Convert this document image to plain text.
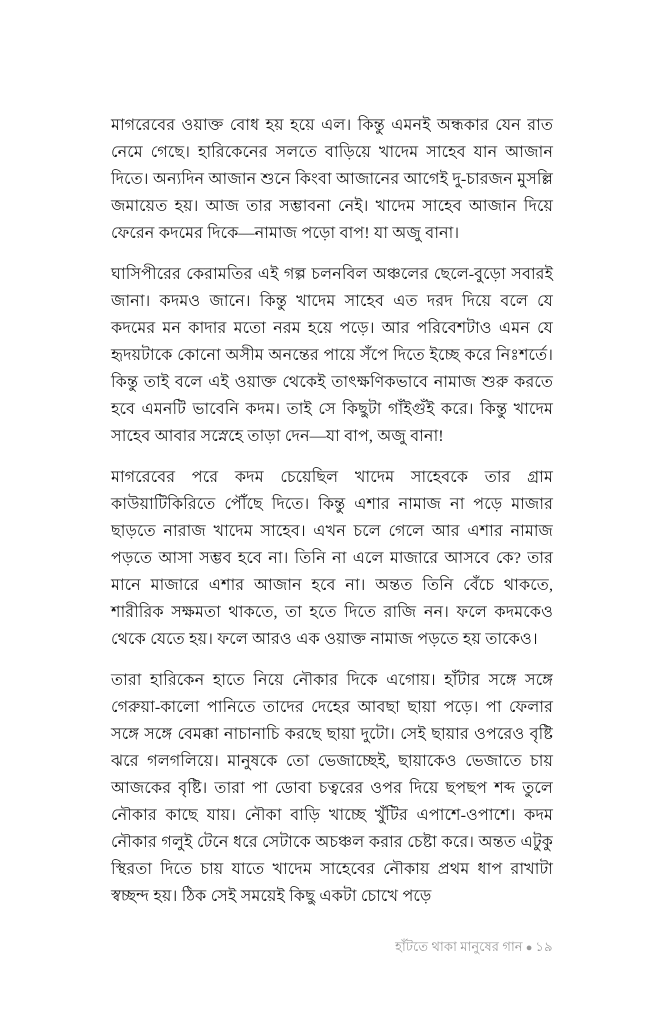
মাগরেবের ওয়াক্ত বোধ হয় হয়ে এল। কিন্তু এমনই অন্ধকার যেন রাত নেমে গেছে। হারিকেনের সলতে বাড়িয়ে খাদেম সাহেব যান আজান দিতে। অন্যদিন আজান শুনে কিংবা আজানের আগেই দু-চারজন মুসল্লি জমায়েত হয়। আজ তার সম্ভাবনা নেই। খাদেম সাহেব আজান দিয়ে ফেরেন কদমের দিকে—নামাজ পড়ো বাপ! যা অজু বানা।

ঘাসিপীরের কেরামতির এই গল্প চলনবিল অঞ্চলের ছেলে-বুড়ো সবারই জানা। কদমও জানে। কিন্তু খাদেম সাহেব এত দরদ দিয়ে বলে যে কদমের মন কাদার মতো নরম হয়ে পড়ে। আর পরিবেশটাও এমন যে হৃদয়টাকে কোনো অসীম অনন্তের পায়ে সঁপে দিতে ইচ্ছে করে নিঃশর্তে। কিন্তু তাই বলে এই ওয়াক্ত থেকেই তাৎক্ষণিকভাবে নামাজ শুরু করতে হবে এমনটি ভাবেনি কদম। তাই সে কিছুটা গাঁইগুঁই করে। কিন্তু খাদেম সাহেব আবার সস্নেহে তাড়া দেন—যা বাপ, অজু বানা!

মাগরেবের পরে কদম চেয়েছিল খাদেম সাহেবকে তার গ্রাম কাউয়াটিকিরিতে পৌঁছে দিতে। কিন্তু এশার নামাজ না পড়ে মাজার ছাড়তে নারাজ খাদেম সাহেব। এখন চলে গেলে আর এশার নামাজ পড়তে আসা সম্ভব হবে না। তিনি না এলে মাজারে আসবে কে? তার মানে মাজারে এশার আজান হবে না। অন্তত তিনি বেঁচে থাকতে, শারীরিক সক্ষমতা থাকতে, তা হতে দিতে রাজি নন। ফলে কদমকেও থেকে যেতে হয়। ফলে আরও এক ওয়াক্ত নামাজ পড়তে হয় তাকেও।

তারা হারিকেন হাতে নিয়ে নৌকার দিকে এগোয়। হাঁটার সঙ্গে সঙ্গে গেরুয়া-কালো পানিতে তাদের দেহের আবছা ছায়া পড়ে। পা ফেলার সঙ্গে সঙ্গে বেমক্কা নাচানাচি করছে ছায়া দুটো। সেই ছায়ার ওপরেও বৃষ্টি ঝরে গলগলিয়ে। মানুষকে তো ভেজাচ্ছেই, ছায়াকেও ভেজাতে চায় আজকের বৃষ্টি। তারা পা ডোবা চত্বরের ওপর দিয়ে ছপছপ শব্দ তুলে নৌকার কাছে যায়। নৌকা বাড়ি খাচ্ছে খুঁটির এপাশে-ওপাশে। কদম নৌকার গলুই টেনে ধরে সেটাকে অচঞ্চল করার চেষ্টা করে। অন্তত এটুকু স্থিরতা দিতে চায় যাতে খাদেম সাহেবের নৌকায় প্রথম ধাপ রাখাটা স্বচ্ছন্দ হয়। ঠিক সেই সময়েই কিছু একটা চোখে পড়ে

হাঁটতে থাকা মানুষের গান ● ১৯
